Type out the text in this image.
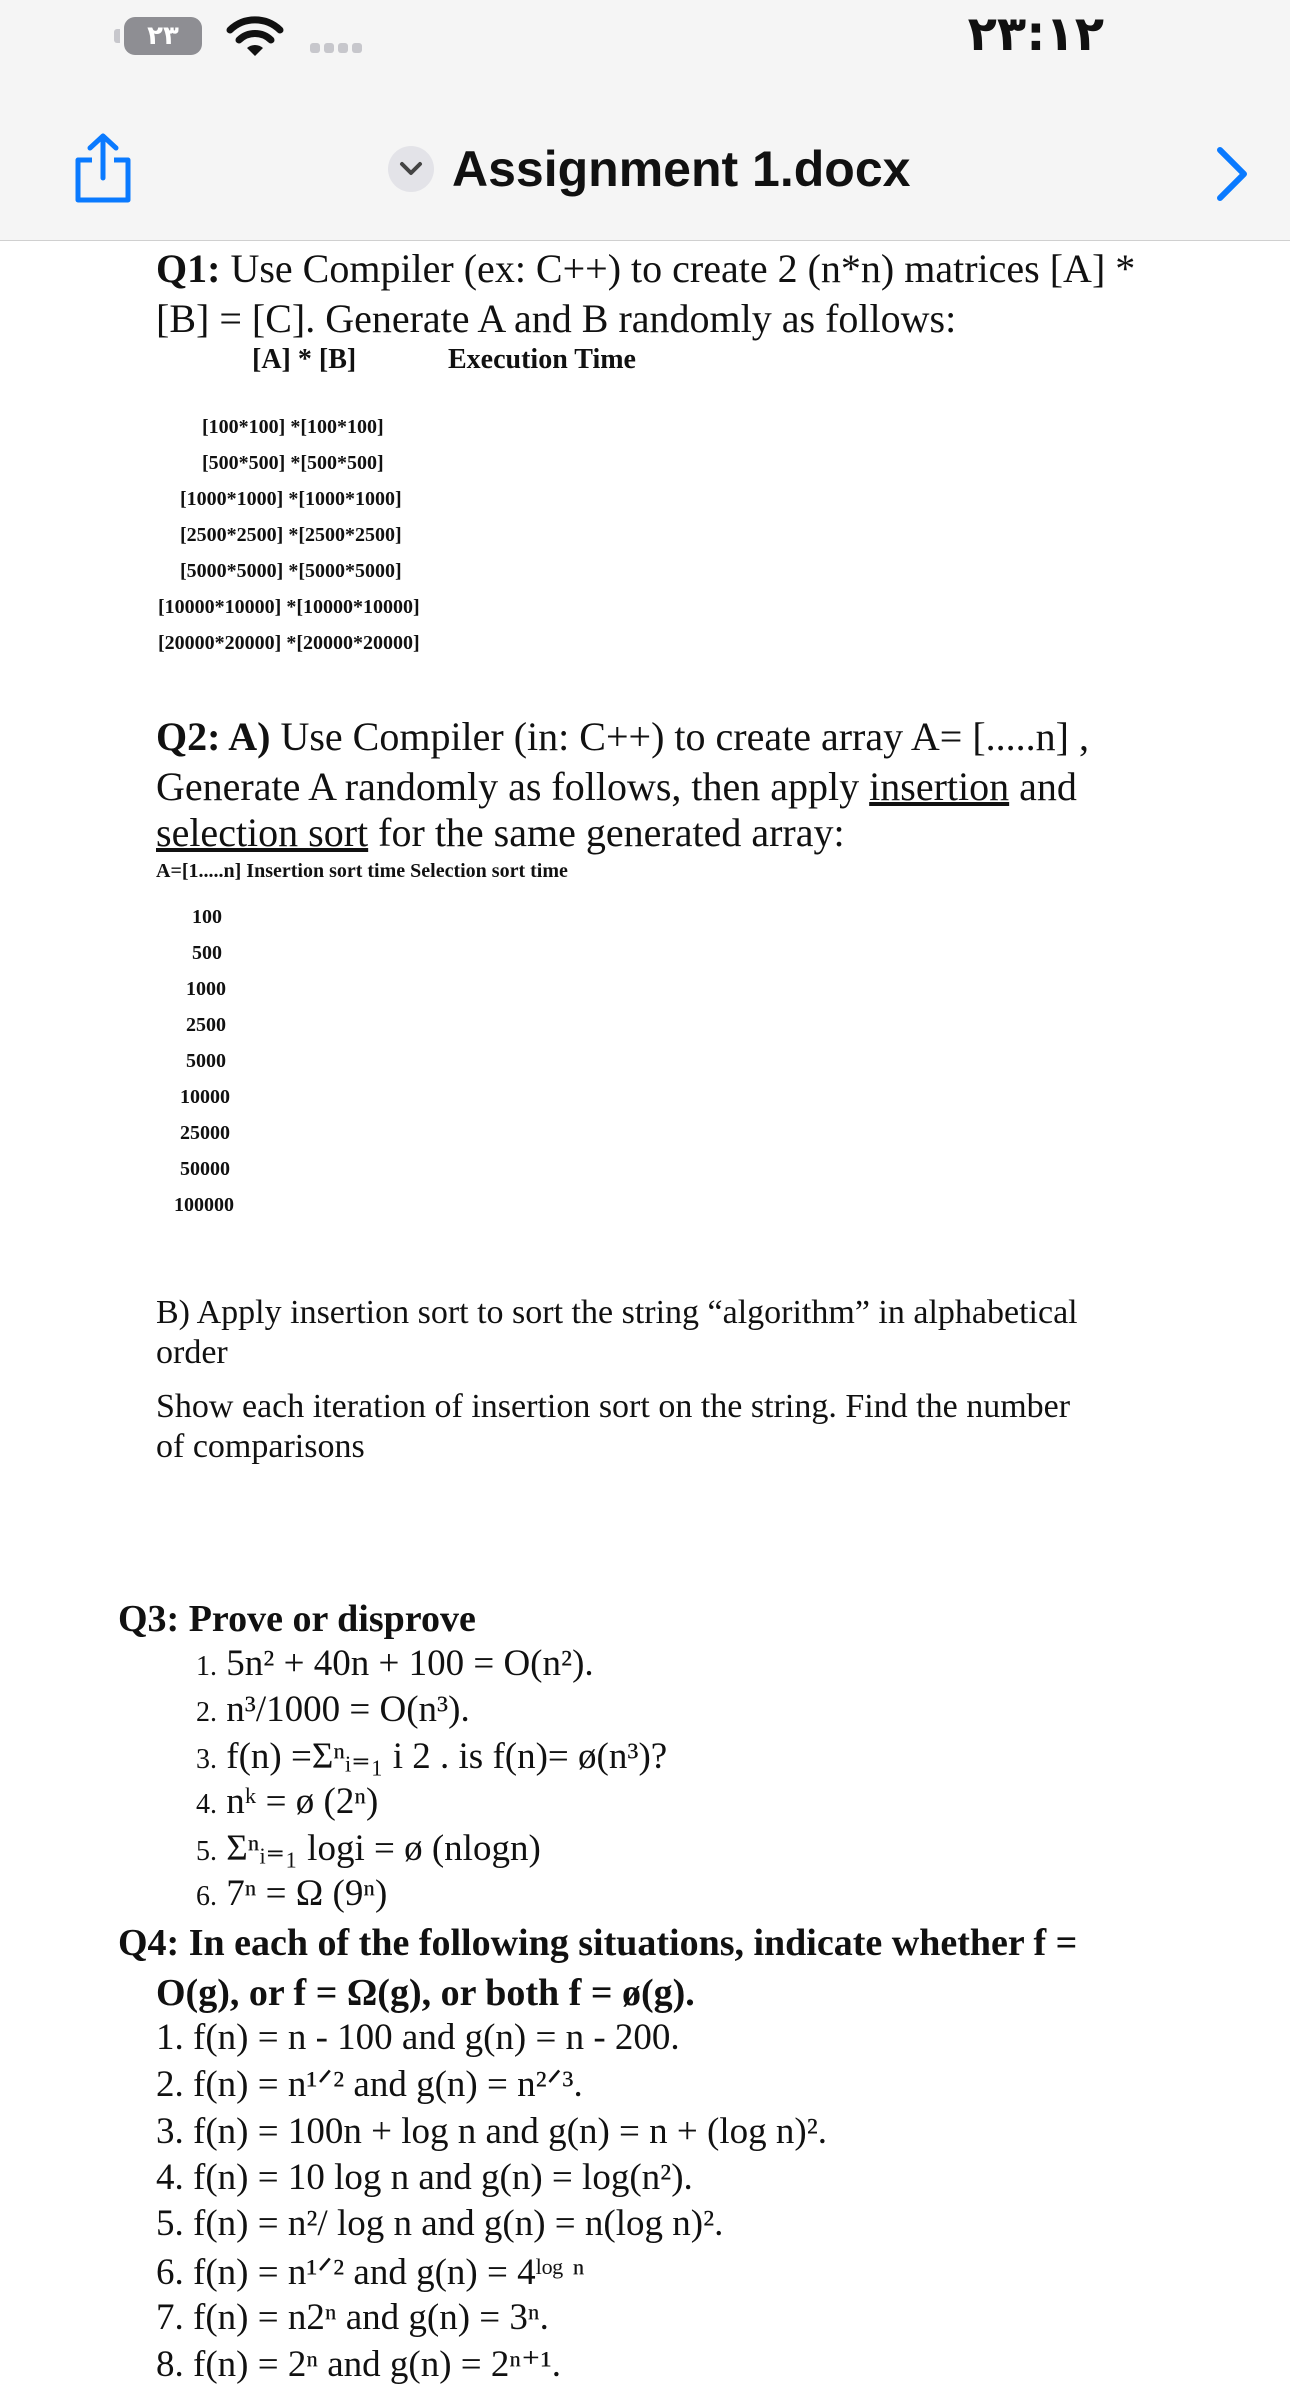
٢٣	٢٣:١٢
Assignment 1.docx
Q1: Use Compiler (ex: C++) to create 2 (n*n) matrices [A] *
[B] = [C]. Generate A and B randomly as follows:
[A] * [B]	Execution Time
[100*100] *[100*100]
[500*500] *[500*500]
[1000*1000] *[1000*1000]
[2500*2500] *[2500*2500]
[5000*5000] *[5000*5000]
[10000*10000] *[10000*10000]
[20000*20000] *[20000*20000]
Q2: A) Use Compiler (in: C++) to create array A= [.....n] ,
Generate A randomly as follows, then apply insertion and
selection sort for the same generated array:
A=[1.....n] Insertion sort time Selection sort time
100
500
1000
2500
5000
10000
25000
50000
100000
B) Apply insertion sort to sort the string “algorithm” in alphabetical
order
Show each iteration of insertion sort on the string. Find the number
of comparisons
Q3: Prove or disprove
1. 5n² + 40n + 100 = O(n²).
2. n³/1000 = O(n³).
3. f(n) =Σⁿᵢ₌₁ i 2 . is f(n)= ø(n³)?
4. nᵏ = ø (2ⁿ)
5. Σⁿᵢ₌₁ logi = ø (nlogn)
6. 7ⁿ = Ω (9ⁿ)
Q4: In each of the following situations, indicate whether f =
O(g), or f = Ω(g), or both f = ø(g).
1. f(n) = n - 100 and g(n) = n - 200.
2. f(n) = n¹ᐟ² and g(n) = n²ᐟ³.
3. f(n) = 100n + log n and g(n) = n + (log n)².
4. f(n) = 10 log n and g(n) = log(n²).
5. f(n) = n²/ log n and g(n) = n(log n)².
6. f(n) = n¹ᐟ² and g(n) = 4ˡᵒᵍ ⁿ
7. f(n) = n2ⁿ and g(n) = 3ⁿ.
8. f(n) = 2ⁿ and g(n) = 2ⁿ⁺¹.
